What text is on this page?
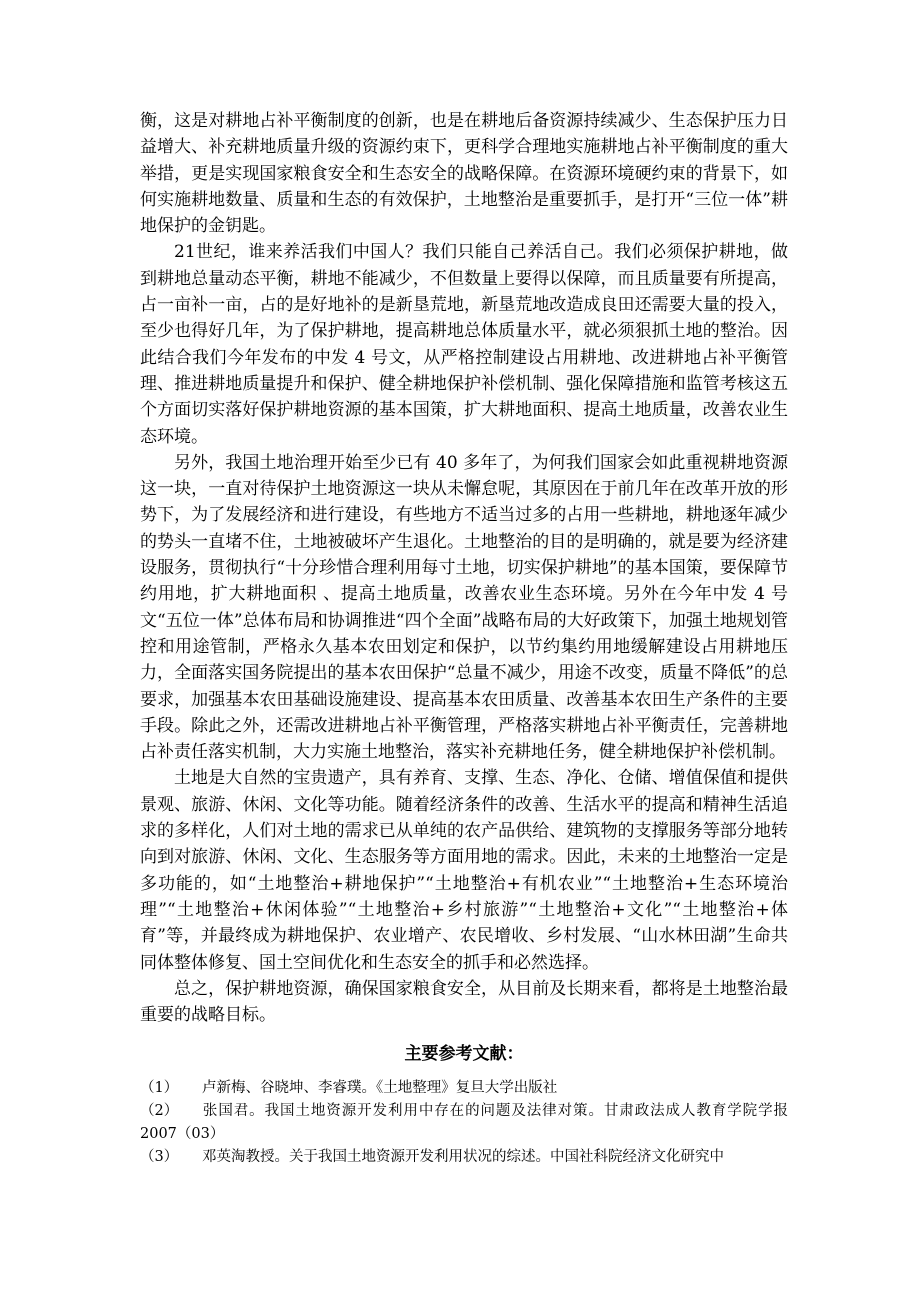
衡，这是对耕地占补平衡制度的创新，也是在耕地后备资源持续减少、生态保护压力日益增大、补充耕地质量升级的资源约束下，更科学合理地实施耕地占补平衡制度的重大举措，更是实现国家粮食安全和生态安全的战略保障。在资源环境硬约束的背景下，如何实施耕地数量、质量和生态的有效保护，土地整治是重要抓手，是打开“三位一体”耕地保护的金钥匙。

21世纪，谁来养活我们中国人？我们只能自己养活自己。我们必须保护耕地，做到耕地总量动态平衡，耕地不能减少，不但数量上要得以保障，而且质量要有所提高，占一亩补一亩，占的是好地补的是新垦荒地，新垦荒地改造成良田还需要大量的投入，至少也得好几年，为了保护耕地，提高耕地总体质量水平，就必须狠抓土地的整治。因此结合我们今年发布的中发 4 号文，从严格控制建设占用耕地、改进耕地占补平衡管理、推进耕地质量提升和保护、健全耕地保护补偿机制、强化保障措施和监管考核这五个方面切实落好保护耕地资源的基本国策，扩大耕地面积、提高土地质量，改善农业生态环境。

另外，我国土地治理开始至少已有 40 多年了，为何我们国家会如此重视耕地资源这一块，一直对待保护土地资源这一块从未懈怠呢，其原因在于前几年在改革开放的形势下，为了发展经济和进行建设，有些地方不适当过多的占用一些耕地，耕地逐年减少的势头一直堵不住，土地被破坏产生退化。土地整治的目的是明确的，就是要为经济建设服务，贯彻执行“十分珍惜合理利用每寸土地，切实保护耕地”的基本国策，要保障节约用地，扩大耕地面积 、提高土地质量，改善农业生态环境。另外在今年中发 4 号文“五位一体”总体布局和协调推进“四个全面”战略布局的大好政策下，加强土地规划管控和用途管制，严格永久基本农田划定和保护，以节约集约用地缓解建设占用耕地压力，全面落实国务院提出的基本农田保护“总量不减少，用途不改变，质量不降低”的总要求，加强基本农田基础设施建设、提高基本农田质量、改善基本农田生产条件的主要手段。除此之外，还需改进耕地占补平衡管理，严格落实耕地占补平衡责任，完善耕地占补责任落实机制，大力实施土地整治，落实补充耕地任务，健全耕地保护补偿机制。

土地是大自然的宝贵遗产，具有养育、支撑、生态、净化、仓储、增值保值和提供景观、旅游、休闲、文化等功能。随着经济条件的改善、生活水平的提高和精神生活追求的多样化，人们对土地的需求已从单纯的农产品供给、建筑物的支撑服务等部分地转向到对旅游、休闲、文化、生态服务等方面用地的需求。因此，未来的土地整治一定是多功能的，如“土地整治+耕地保护”“土地整治+有机农业”“土地整治+生态环境治理”“土地整治+休闲体验”“土地整治+乡村旅游”“土地整治+文化”“土地整治+体育”等，并最终成为耕地保护、农业增产、农民增收、乡村发展、“山水林田湖”生命共同体整体修复、国土空间优化和生态安全的抓手和必然选择。

总之，保护耕地资源，确保国家粮食安全，从目前及长期来看，都将是土地整治最重要的战略目标。

主要参考文献：

（1） 卢新梅、谷晓坤、李睿璞。《土地整理》复旦大学出版社

（2） 张国君。我国土地资源开发利用中存在的问题及法律对策。甘肃政法成人教育学院学报 2007（03）

（3） 邓英淘教授。关于我国土地资源开发利用状况的综述。中国社科院经济文化研究中
